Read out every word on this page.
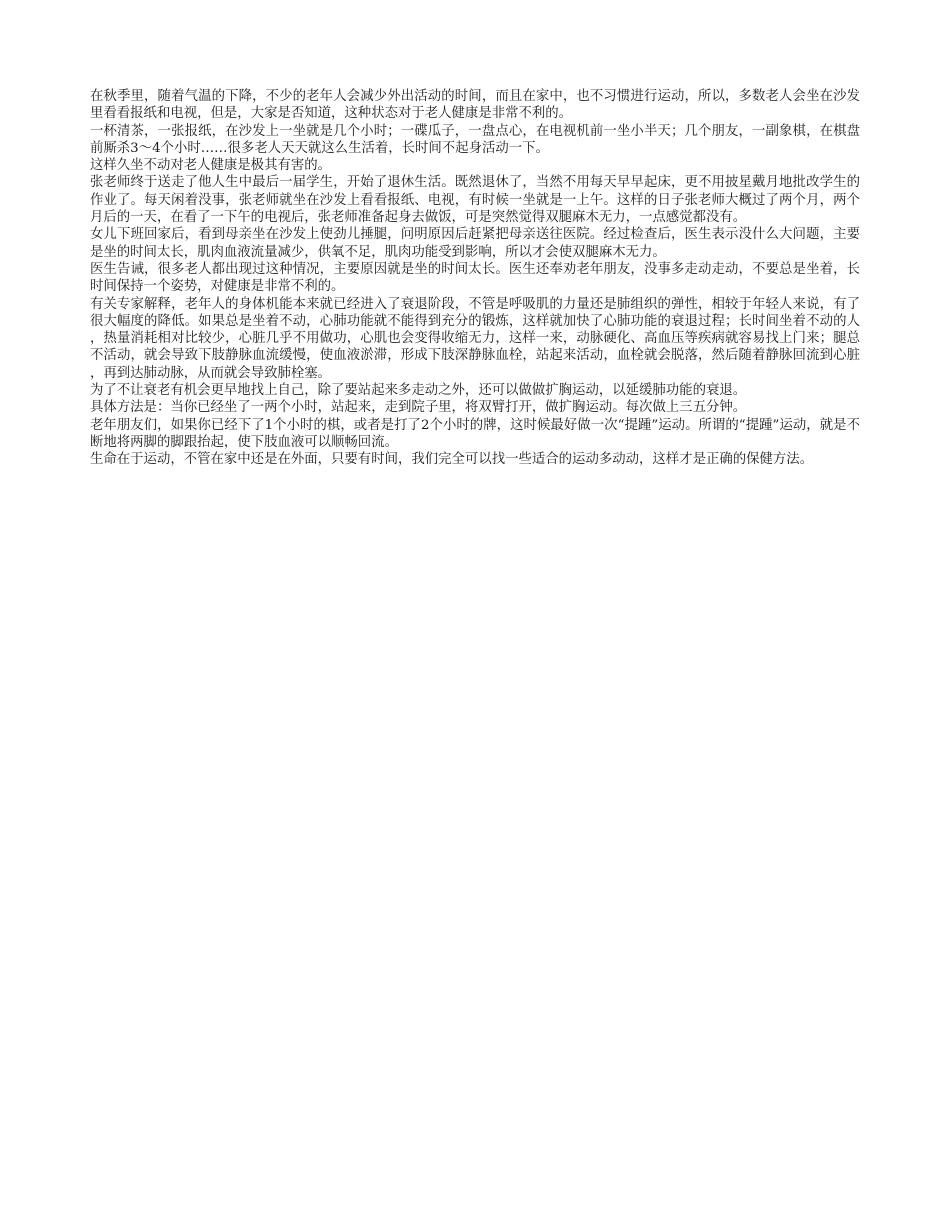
在秋季里，随着气温的下降，不少的老年人会减少外出活动的时间，而且在家中，也不习惯进行运动，所以，多数老人会坐在沙发里看看报纸和电视，但是，大家是否知道，这种状态对于老人健康是非常不利的。

一杯清茶，一张报纸，在沙发上一坐就是几个小时；一碟瓜子，一盘点心，在电视机前一坐小半天；几个朋友，一副象棋，在棋盘前厮杀3～4个小时……很多老人天天就这么生活着，长时间不起身活动一下。

这样久坐不动对老人健康是极其有害的。

张老师终于送走了他人生中最后一届学生，开始了退休生活。既然退休了，当然不用每天早早起床，更不用披星戴月地批改学生的作业了。每天闲着没事，张老师就坐在沙发上看看报纸、电视，有时候一坐就是一上午。这样的日子张老师大概过了两个月，两个月后的一天，在看了一下午的电视后，张老师准备起身去做饭，可是突然觉得双腿麻木无力，一点感觉都没有。

女儿下班回家后，看到母亲坐在沙发上使劲儿捶腿，问明原因后赶紧把母亲送往医院。经过检查后，医生表示没什么大问题，主要是坐的时间太长，肌肉血液流量减少，供氧不足，肌肉功能受到影响，所以才会使双腿麻木无力。

医生告诫，很多老人都出现过这种情况，主要原因就是坐的时间太长。医生还奉劝老年朋友，没事多走动走动，不要总是坐着，长时间保持一个姿势，对健康是非常不利的。

有关专家解释，老年人的身体机能本来就已经进入了衰退阶段，不管是呼吸肌的力量还是肺组织的弹性，相较于年轻人来说，有了很大幅度的降低。如果总是坐着不动，心肺功能就不能得到充分的锻炼，这样就加快了心肺功能的衰退过程；长时间坐着不动的人，热量消耗相对比较少，心脏几乎不用做功，心肌也会变得收缩无力，这样一来，动脉硬化、高血压等疾病就容易找上门来；腿总不活动，就会导致下肢静脉血流缓慢，使血液淤滞，形成下肢深静脉血栓，站起来活动，血栓就会脱落，然后随着静脉回流到心脏，再到达肺动脉，从而就会导致肺栓塞。

为了不让衰老有机会更早地找上自己，除了要站起来多走动之外，还可以做做扩胸运动，以延缓肺功能的衰退。

具体方法是：当你已经坐了一两个小时，站起来，走到院子里，将双臂打开，做扩胸运动。每次做上三五分钟。

老年朋友们，如果你已经下了1个小时的棋，或者是打了2个小时的牌，这时候最好做一次“提踵”运动。所谓的“提踵”运动，就是不断地将两脚的脚跟抬起，使下肢血液可以顺畅回流。

生命在于运动，不管在家中还是在外面，只要有时间，我们完全可以找一些适合的运动多动动，这样才是正确的保健方法。
